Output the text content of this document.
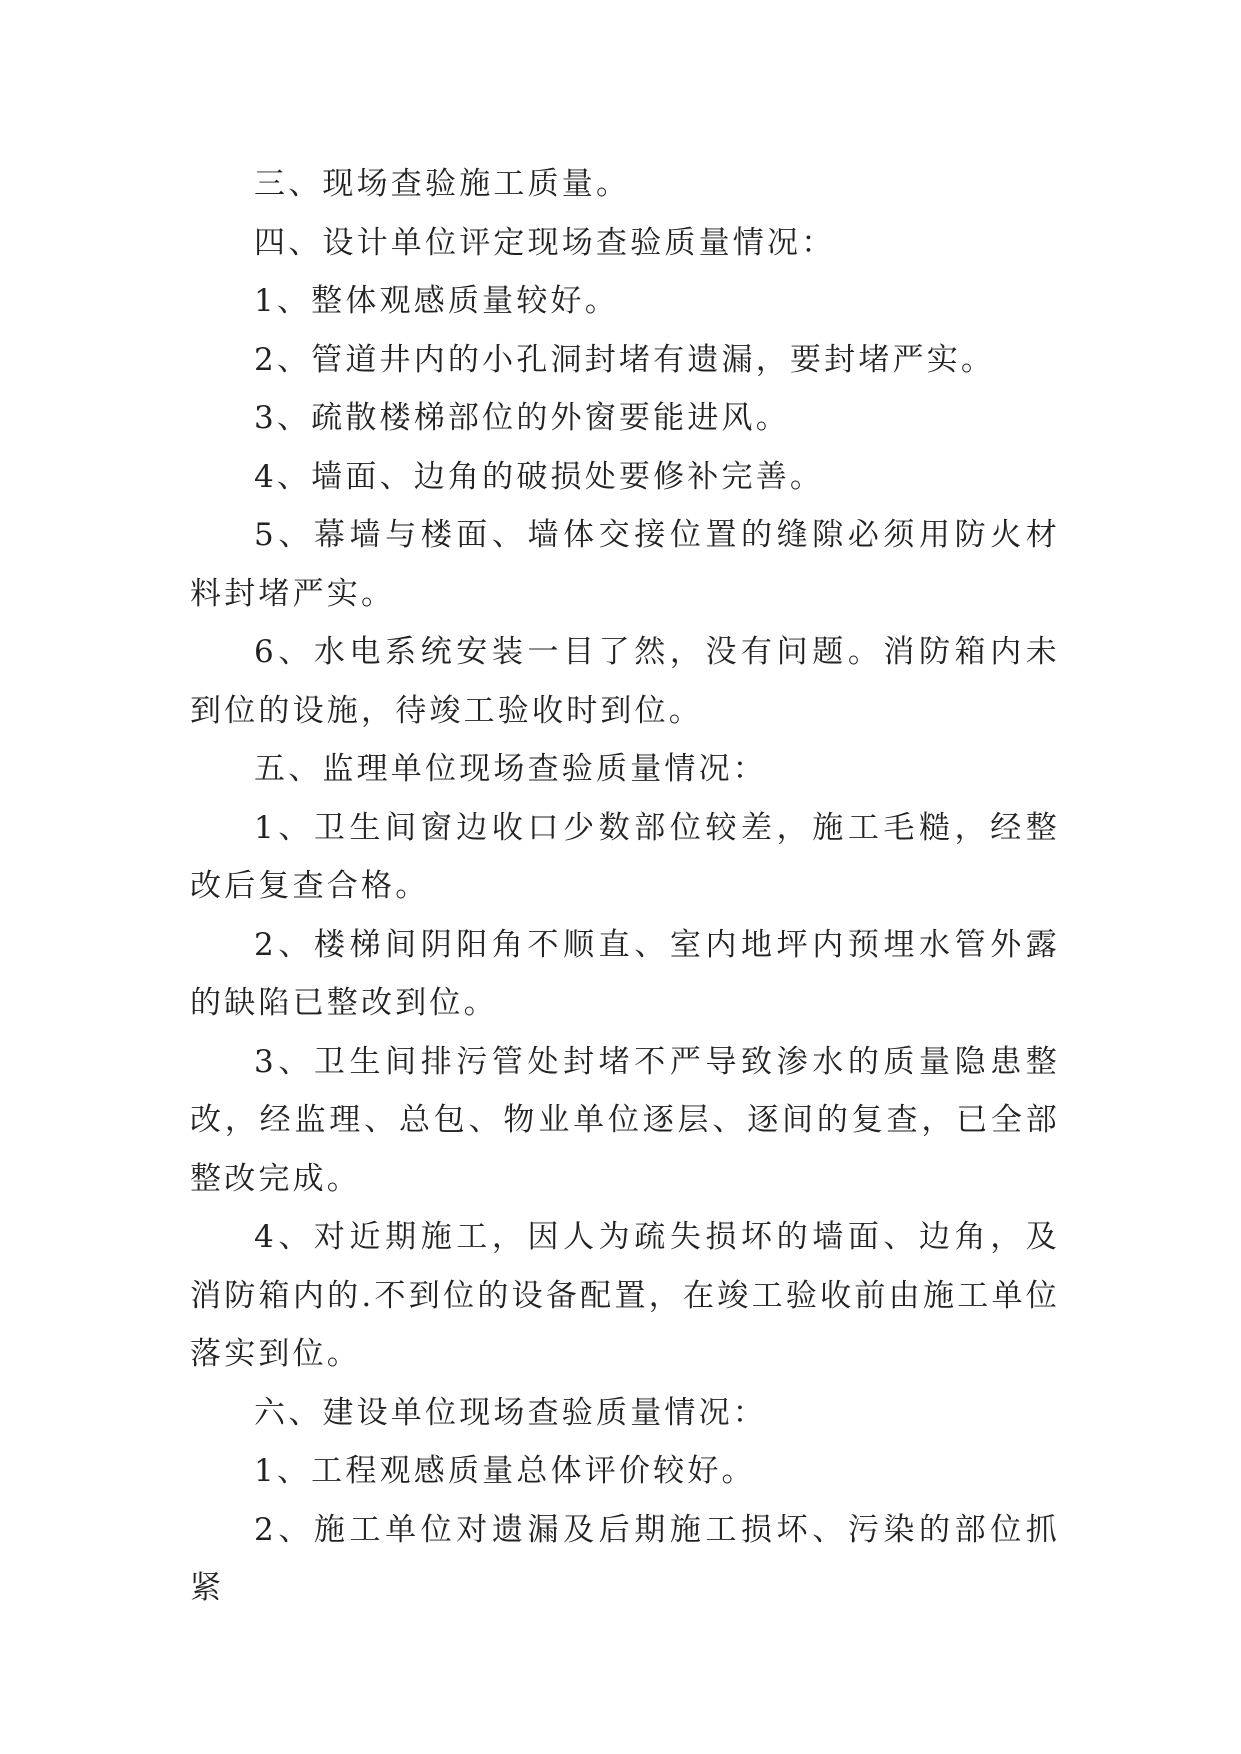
三、现场查验施工质量。

四、设计单位评定现场查验质量情况：

1、整体观感质量较好。

2、管道井内的小孔洞封堵有遗漏，要封堵严实。

3、疏散楼梯部位的外窗要能进风。

4、墙面、边角的破损处要修补完善。

5、幕墙与楼面、墙体交接位置的缝隙必须用防火材料封堵严实。

6、水电系统安装一目了然，没有问题。消防箱内未到位的设施，待竣工验收时到位。

五、监理单位现场查验质量情况：

1、卫生间窗边收口少数部位较差，施工毛糙，经整改后复查合格。

2、楼梯间阴阳角不顺直、室内地坪内预埋水管外露的缺陷已整改到位。

3、卫生间排污管处封堵不严导致渗水的质量隐患整改，经监理、总包、物业单位逐层、逐间的复查，已全部整改完成。

4、对近期施工，因人为疏失损坏的墙面、边角，及消防箱内的.不到位的设备配置，在竣工验收前由施工单位落实到位。

六、建设单位现场查验质量情况：

1、工程观感质量总体评价较好。

2、施工单位对遗漏及后期施工损坏、污染的部位抓紧
